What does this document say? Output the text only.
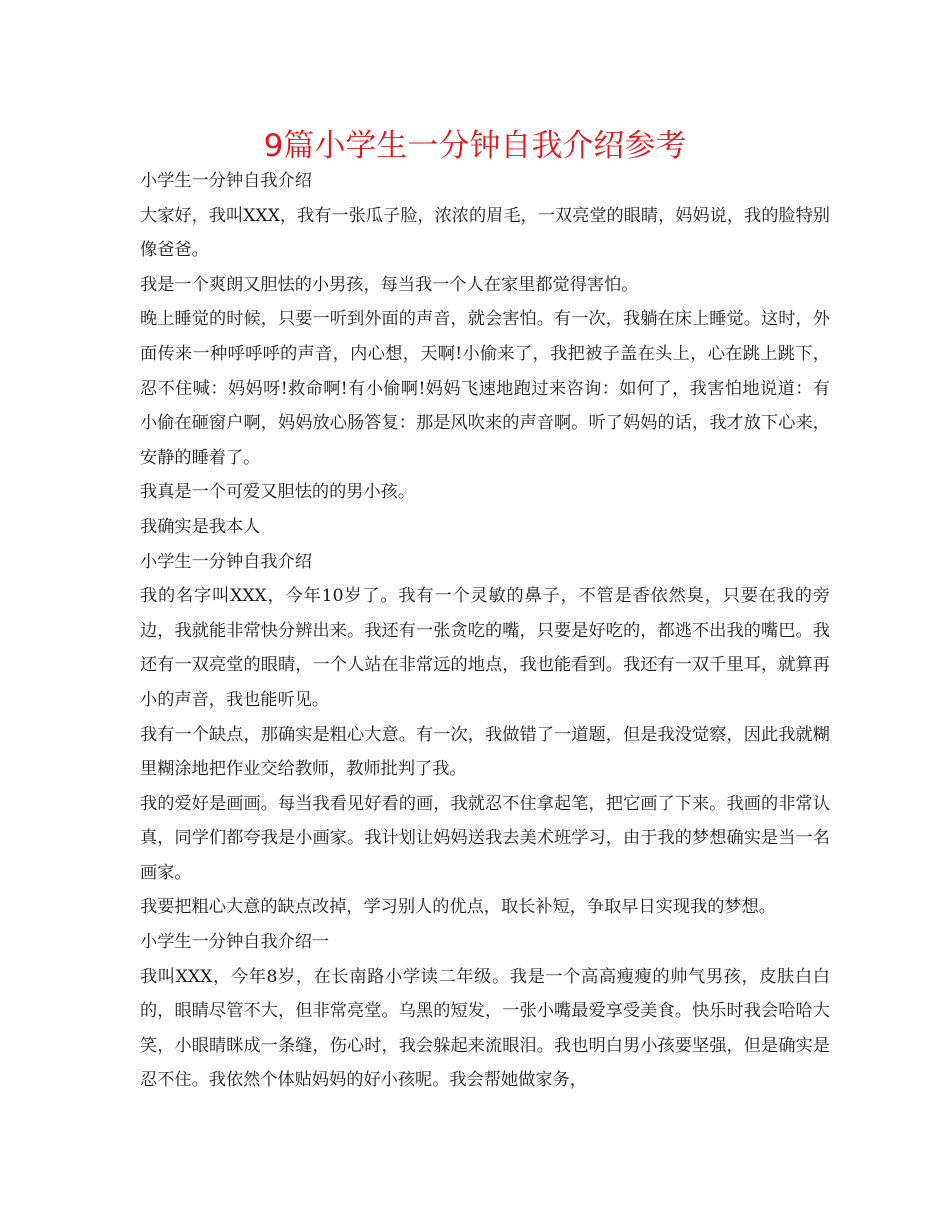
9篇小学生一分钟自我介绍参考

小学生一分钟自我介绍

大家好，我叫XXX，我有一张瓜子脸，浓浓的眉毛，一双亮堂的眼睛，妈妈说，我的脸特别像爸爸。

我是一个爽朗又胆怯的小男孩，每当我一个人在家里都觉得害怕。

晚上睡觉的时候，只要一听到外面的声音，就会害怕。有一次，我躺在床上睡觉。这时，外面传来一种呼呼呼的声音，内心想，天啊!小偷来了，我把被子盖在头上，心在跳上跳下，忍不住喊：妈妈呀!救命啊!有小偷啊!妈妈飞速地跑过来咨询：如何了，我害怕地说道：有小偷在砸窗户啊，妈妈放心肠答复：那是风吹来的声音啊。听了妈妈的话，我才放下心来，安静的睡着了。

我真是一个可爱又胆怯的的男小孩。

我确实是我本人

小学生一分钟自我介绍

我的名字叫XXX，今年10岁了。我有一个灵敏的鼻子，不管是香依然臭，只要在我的旁边，我就能非常快分辨出来。我还有一张贪吃的嘴，只要是好吃的，都逃不出我的嘴巴。我还有一双亮堂的眼睛，一个人站在非常远的地点，我也能看到。我还有一双千里耳，就算再小的声音，我也能听见。

我有一个缺点，那确实是粗心大意。有一次，我做错了一道题，但是我没觉察，因此我就糊里糊涂地把作业交给教师，教师批判了我。

我的爱好是画画。每当我看见好看的画，我就忍不住拿起笔，把它画了下来。我画的非常认真，同学们都夸我是小画家。我计划让妈妈送我去美术班学习，由于我的梦想确实是当一名画家。

我要把粗心大意的缺点改掉，学习别人的优点，取长补短，争取早日实现我的梦想。

小学生一分钟自我介绍一

我叫XXX，今年8岁，在长南路小学读二年级。我是一个高高瘦瘦的帅气男孩，皮肤白白的，眼睛尽管不大，但非常亮堂。乌黑的短发，一张小嘴最爱享受美食。快乐时我会哈哈大笑，小眼睛眯成一条缝，伤心时，我会躲起来流眼泪。我也明白男小孩要坚强，但是确实是忍不住。我依然个体贴妈妈的好小孩呢。我会帮她做家务，
